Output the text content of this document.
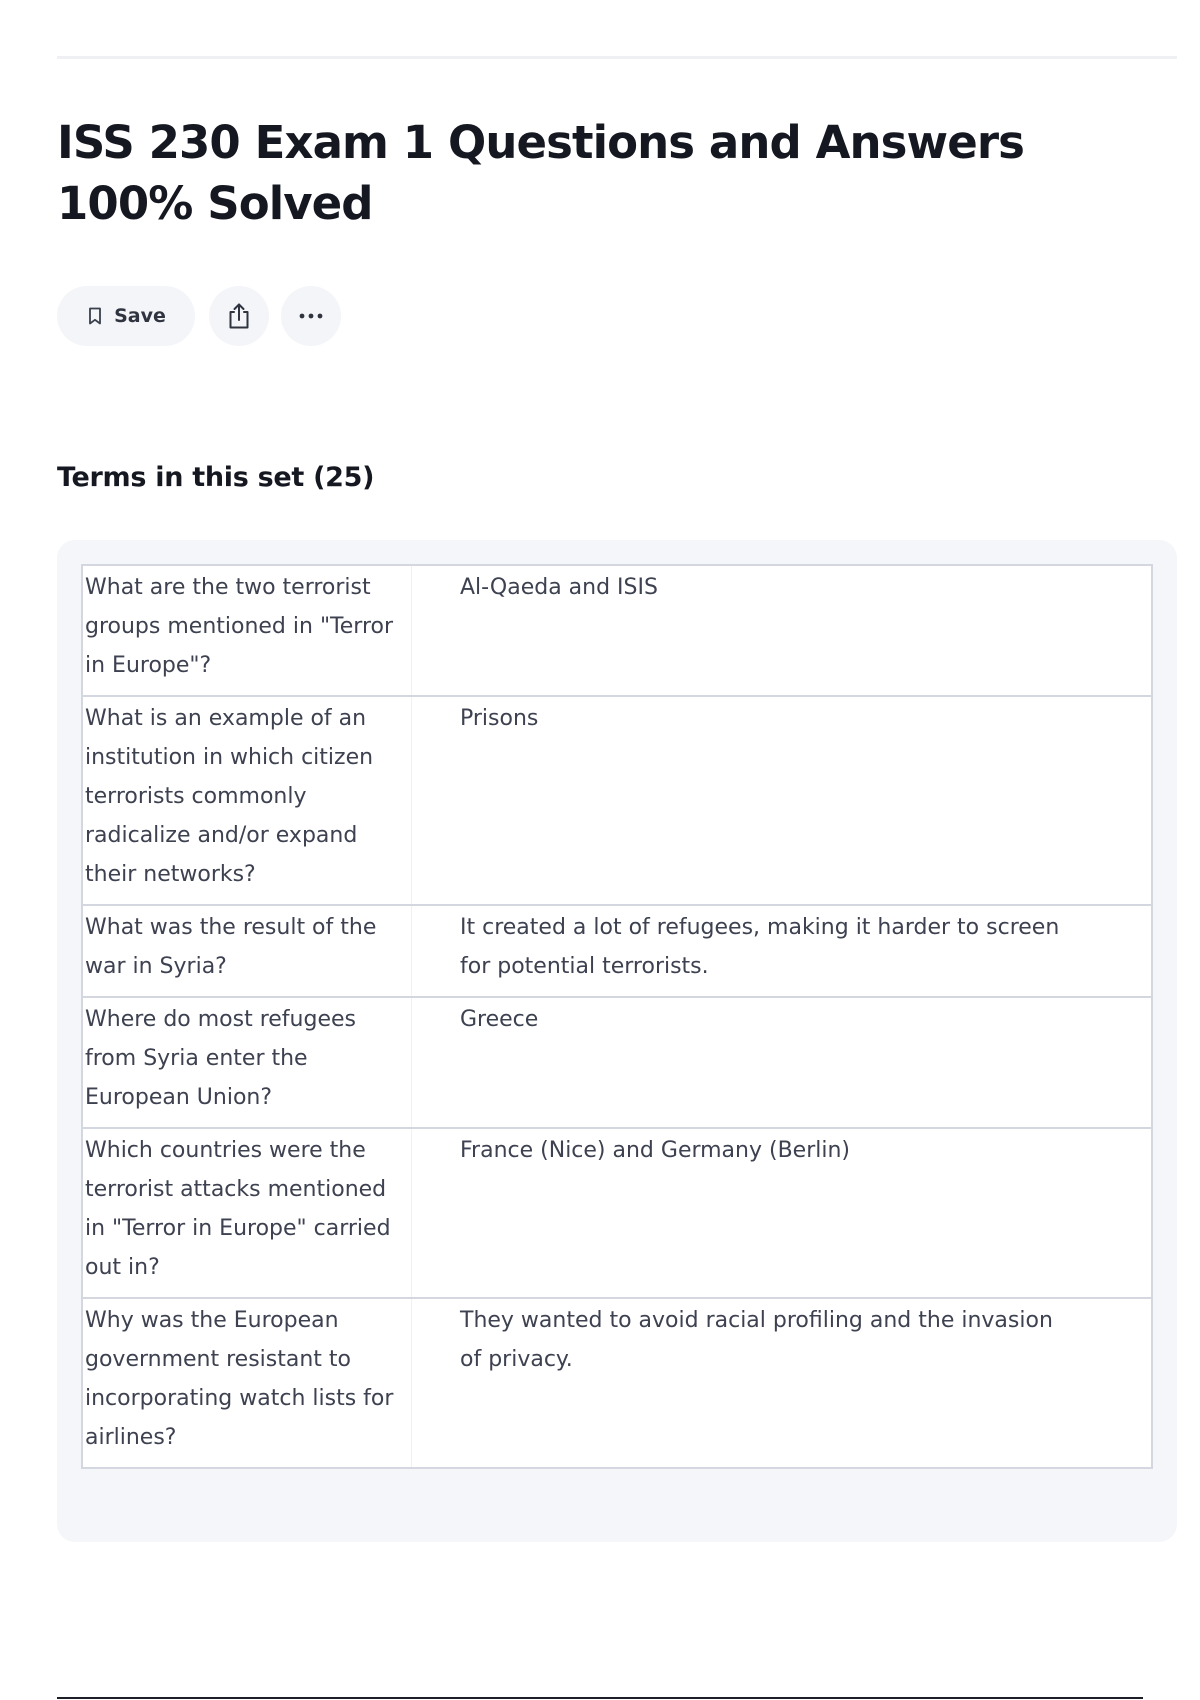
ISS 230 Exam 1 Questions and Answers 100% Solved
Save
Terms in this set (25)
What are the two terrorist groups mentioned in "Terror in Europe"?	Al-Qaeda and ISIS
What is an example of an institution in which citizen terrorists commonly radicalize and/or expand their networks?	Prisons
What was the result of the war in Syria?	It created a lot of refugees, making it harder to screen for potential terrorists.
Where do most refugees from Syria enter the European Union?	Greece
Which countries were the terrorist attacks mentioned in "Terror in Europe" carried out in?	France (Nice) and Germany (Berlin)
Why was the European government resistant to incorporating watch lists for airlines?	They wanted to avoid racial profiling and the invasion of privacy.
